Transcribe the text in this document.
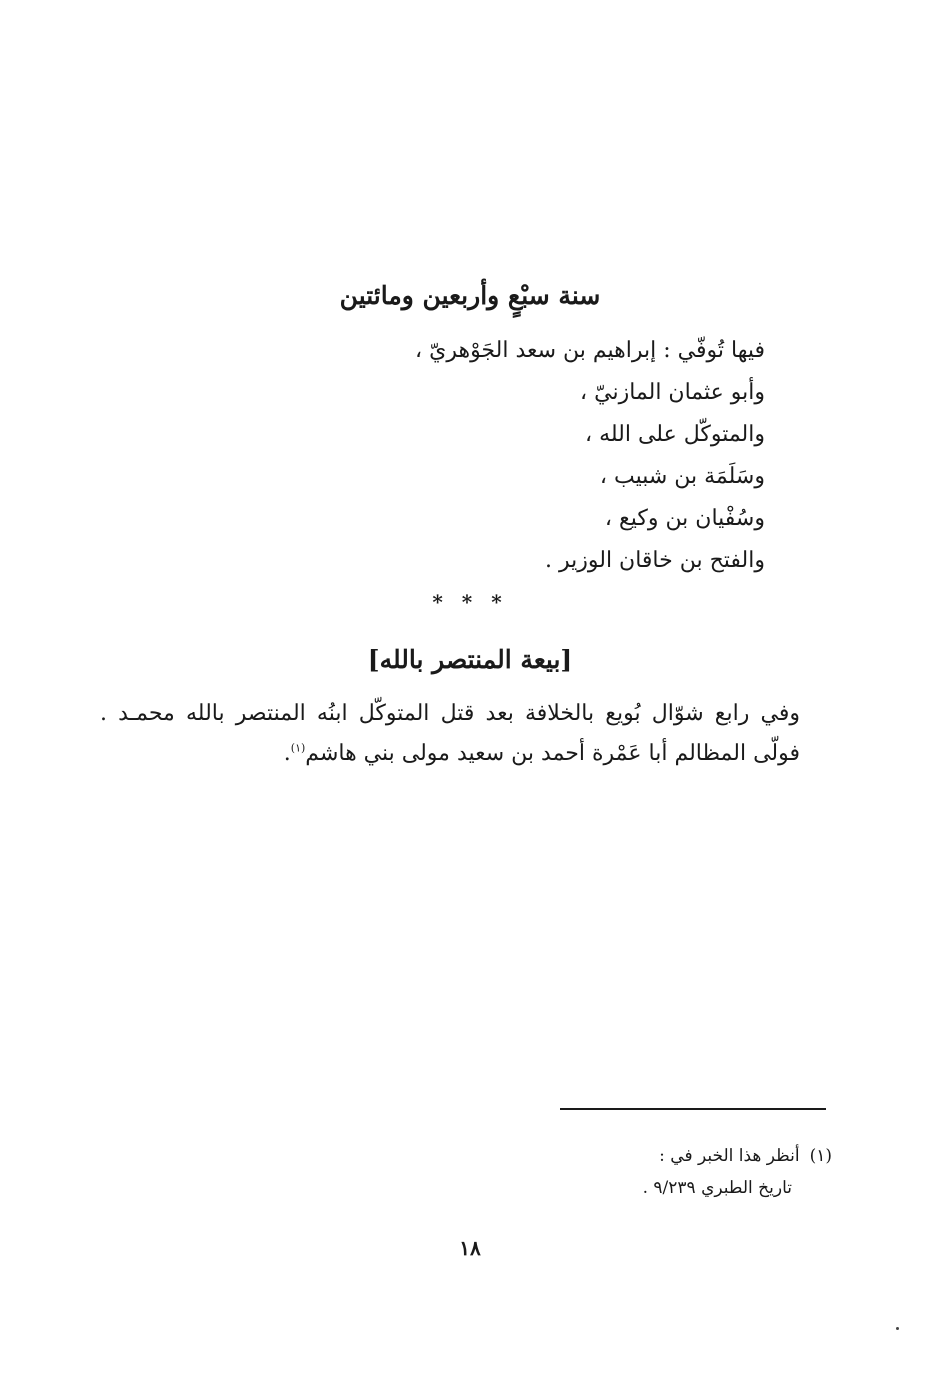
سنة سبْعٍ وأربعين ومائتين
فيها تُوفّي : إبراهيم بن سعد الجَوْهريّ ،
وأبو عثمان المازنيّ ،
والمتوكّل على الله ،
وسَلَمَة بن شبيب ،
وسُفْيان بن وكيع ،
والفتح بن خاقان الوزير .
* * *
[بيعة المنتصر بالله]
وفي رابع شوّال بُويع بالخلافة بعد قتل المتوكّل ابنُه المنتصر بالله محمـد .
فولّى المظالم أبا عَمْرة أحمد بن سعيد مولى بني هاشم$^{(١)}$.
(١)أنظر هذا الخبر في :
تاريخ الطبري ٩/٢٣٩ .
١٨
